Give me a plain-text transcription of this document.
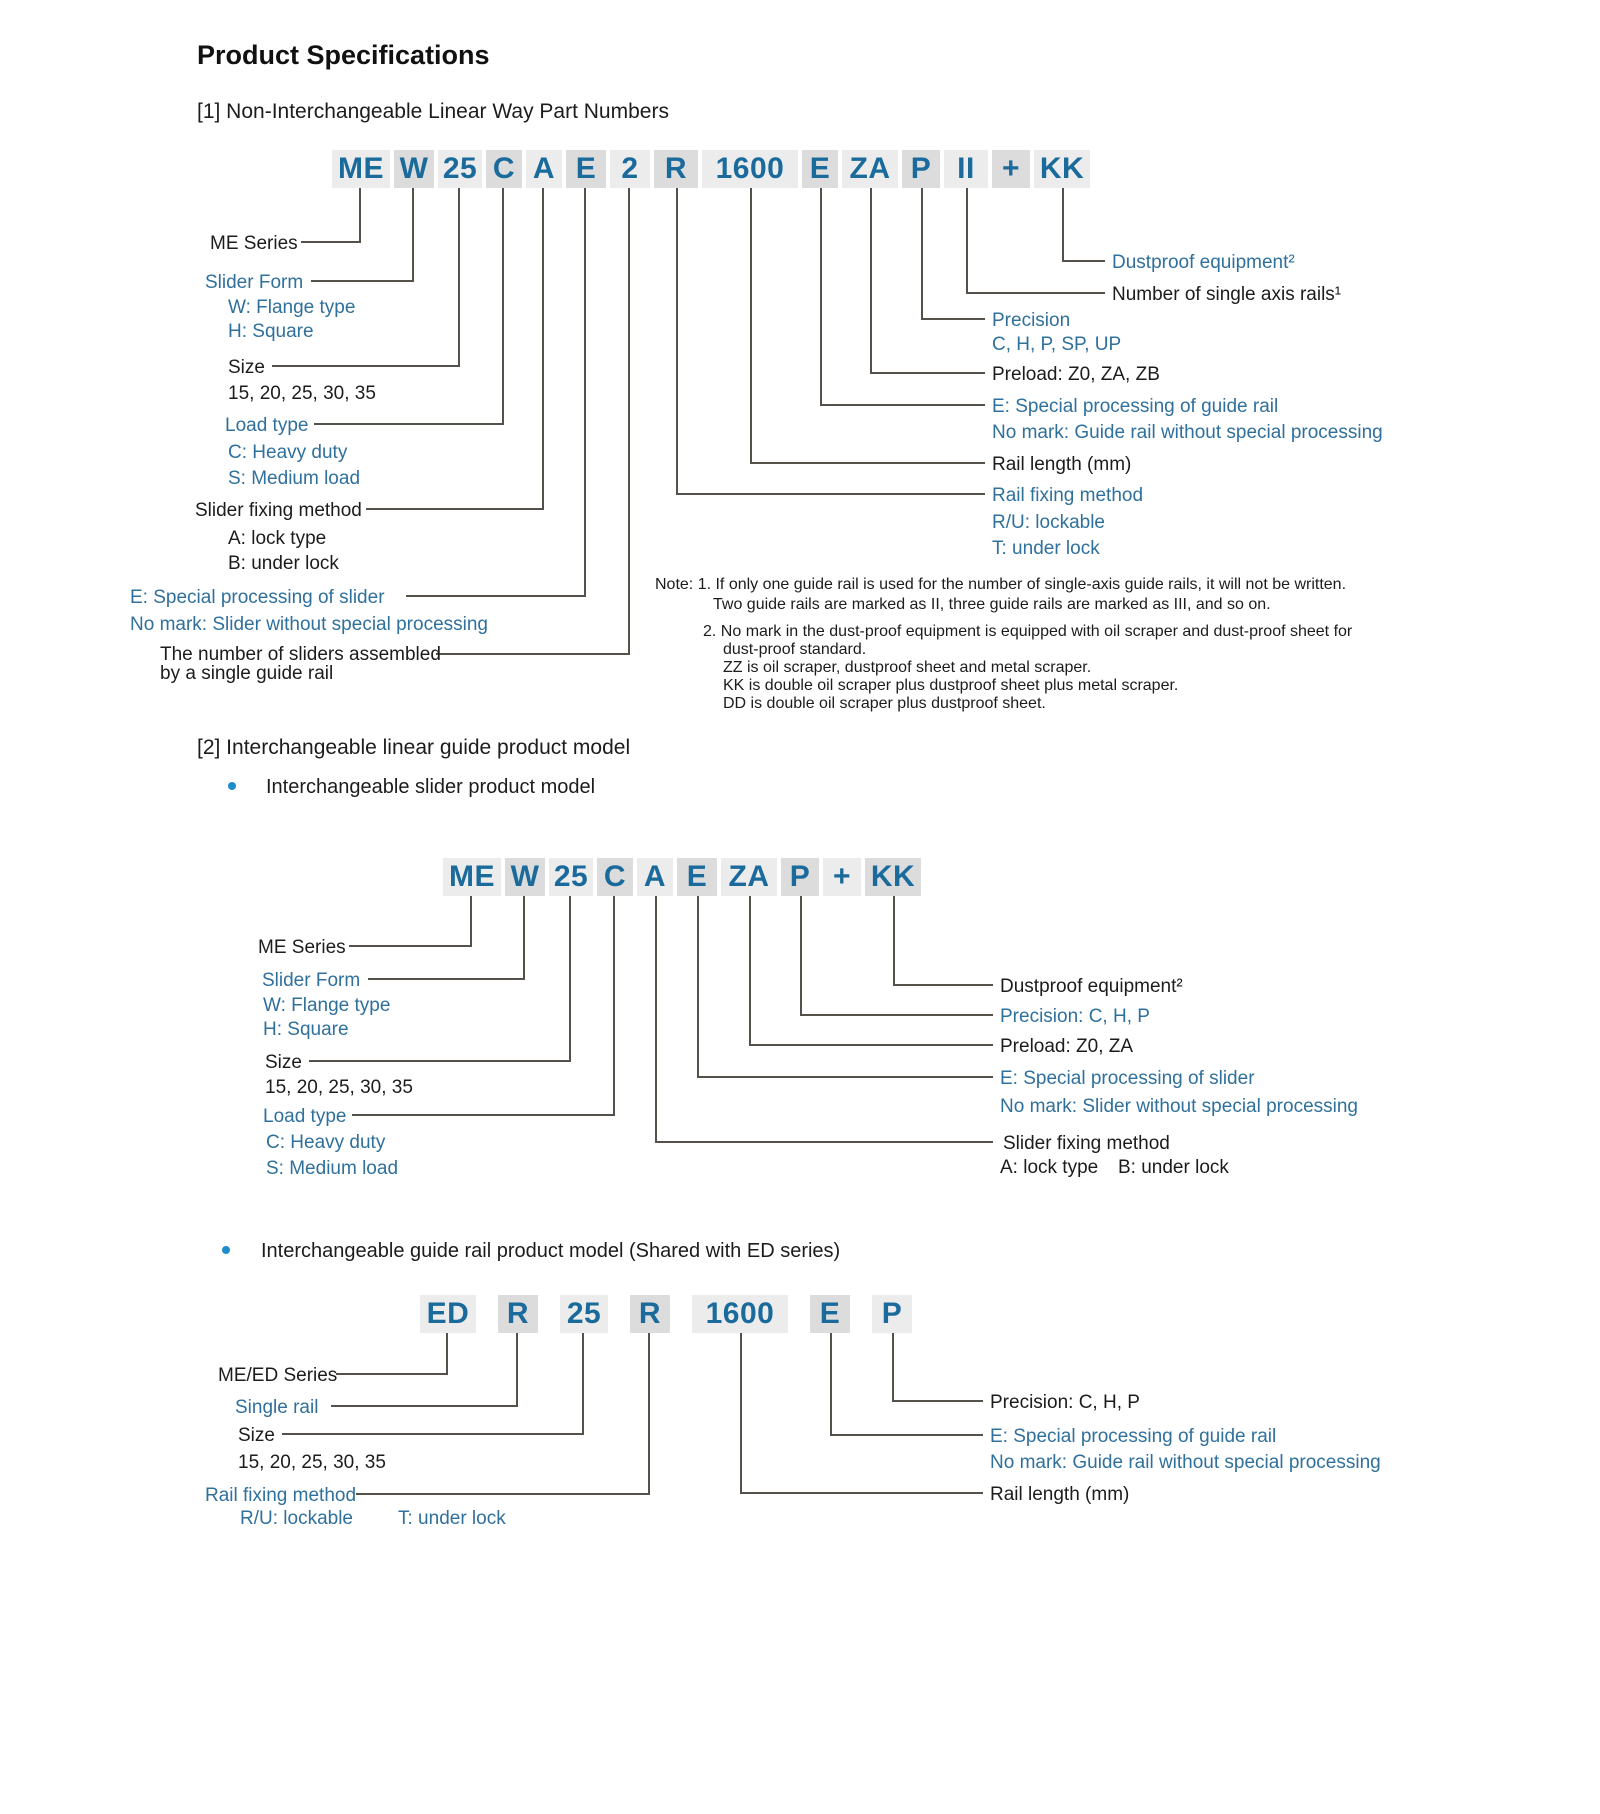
Product Specifications
[1] Non-Interchangeable Linear Way Part Numbers
ME W 25 C A E 2 R 1600 E ZA P II + KK
ME Series
Slider Form
W: Flange type
H: Square
Size
15, 20, 25, 30, 35
Load type
C: Heavy duty
S: Medium load
Slider fixing method
A: lock type
B: under lock
E: Special processing of slider
No mark: Slider without special processing
The number of sliders assembled
by a single guide rail
Dustproof equipment²
Number of single axis rails¹
Precision
C, H, P, SP, UP
Preload: Z0, ZA, ZB
E: Special processing of guide rail
No mark: Guide rail without special processing
Rail length (mm)
Rail fixing method
R/U: lockable
T: under lock
Note: 1. If only one guide rail is used for the number of single-axis guide rails, it will not be written.
Two guide rails are marked as II, three guide rails are marked as III, and so on.
2. No mark in the dust-proof equipment is equipped with oil scraper and dust-proof sheet for
dust-proof standard.
ZZ is oil scraper, dustproof sheet and metal scraper.
KK is double oil scraper plus dustproof sheet plus metal scraper.
DD is double oil scraper plus dustproof sheet.
[2] Interchangeable linear guide product model
Interchangeable slider product model
ME W 25 C A E ZA P + KK
ME Series
Slider Form
W: Flange type
H: Square
Size
15, 20, 25, 30, 35
Load type
C: Heavy duty
S: Medium load
Dustproof equipment²
Precision: C, H, P
Preload: Z0, ZA
E: Special processing of slider
No mark: Slider without special processing
Slider fixing method
A: lock type B: under lock
Interchangeable guide rail product model (Shared with ED series)
ED R 25 R	1600	E	P
ME/ED Series
Single rail
Size
15, 20, 25, 30, 35
Rail fixing method
R/U: lockable T: under lock
Precision: C, H, P
E: Special processing of guide rail
No mark: Guide rail without special processing
Rail length (mm)
